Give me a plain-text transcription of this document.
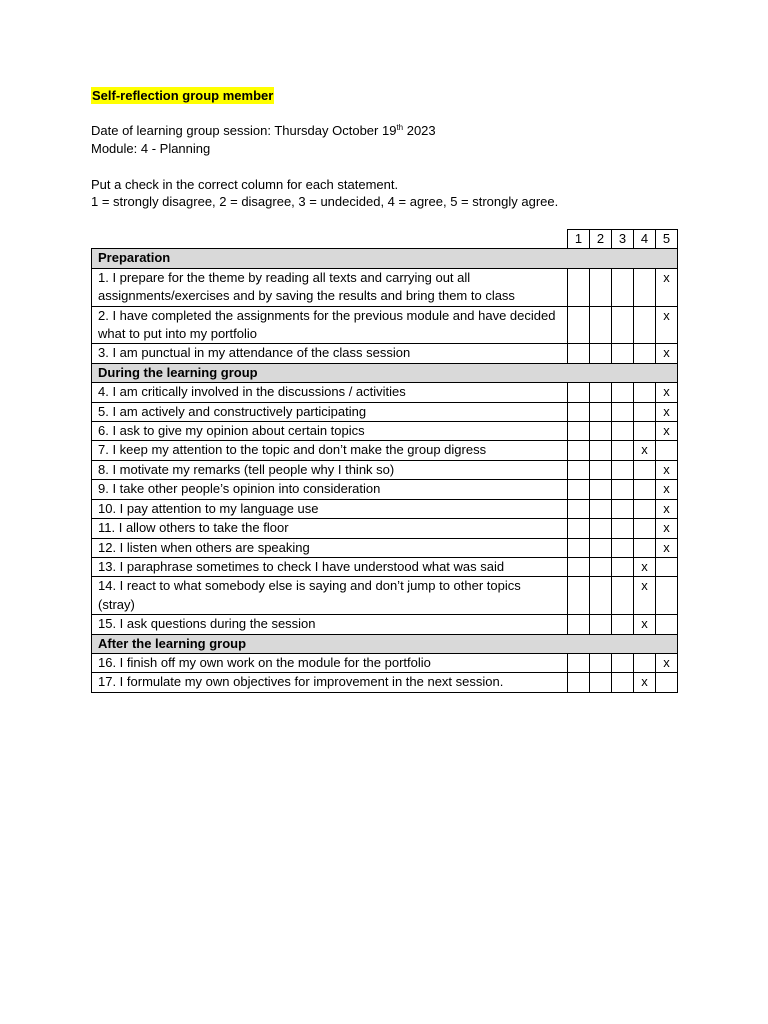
Self-reflection group member
Date of learning group session: Thursday October 19th 2023
Module: 4 - Planning
Put a check in the correct column for each statement.
1 = strongly disagree, 2 = disagree, 3 = undecided, 4 = agree, 5 = strongly agree.
	1	2	3	4	5
Preparation					
1. I prepare for the theme by reading all texts and carrying out all assignments/exercises and by saving the results and bring them to class					x
2. I have completed the assignments for the previous module and have decided what to put into my portfolio					x
3. I am punctual in my attendance of the class session					x
During the learning group					
4. I am critically involved in the discussions / activities					x
5. I am actively and constructively participating					x
6. I ask to give my opinion about certain topics					x
7. I keep my attention to the topic and don’t make the group digress				x	
8. I motivate my remarks (tell people why I think so)					x
9. I take other people’s opinion into consideration					x
10. I pay attention to my language use					x
11. I allow others to take the floor					x
12. I listen when others are speaking					x
13. I paraphrase sometimes to check I have understood what was said				x	
14. I react to what somebody else is saying and don’t jump to other topics (stray)				x	
15. I ask questions during the session				x	
After the learning group					
16. I finish off my own work on the module for the portfolio					x
17. I formulate my own objectives for improvement in the next session.				x	
